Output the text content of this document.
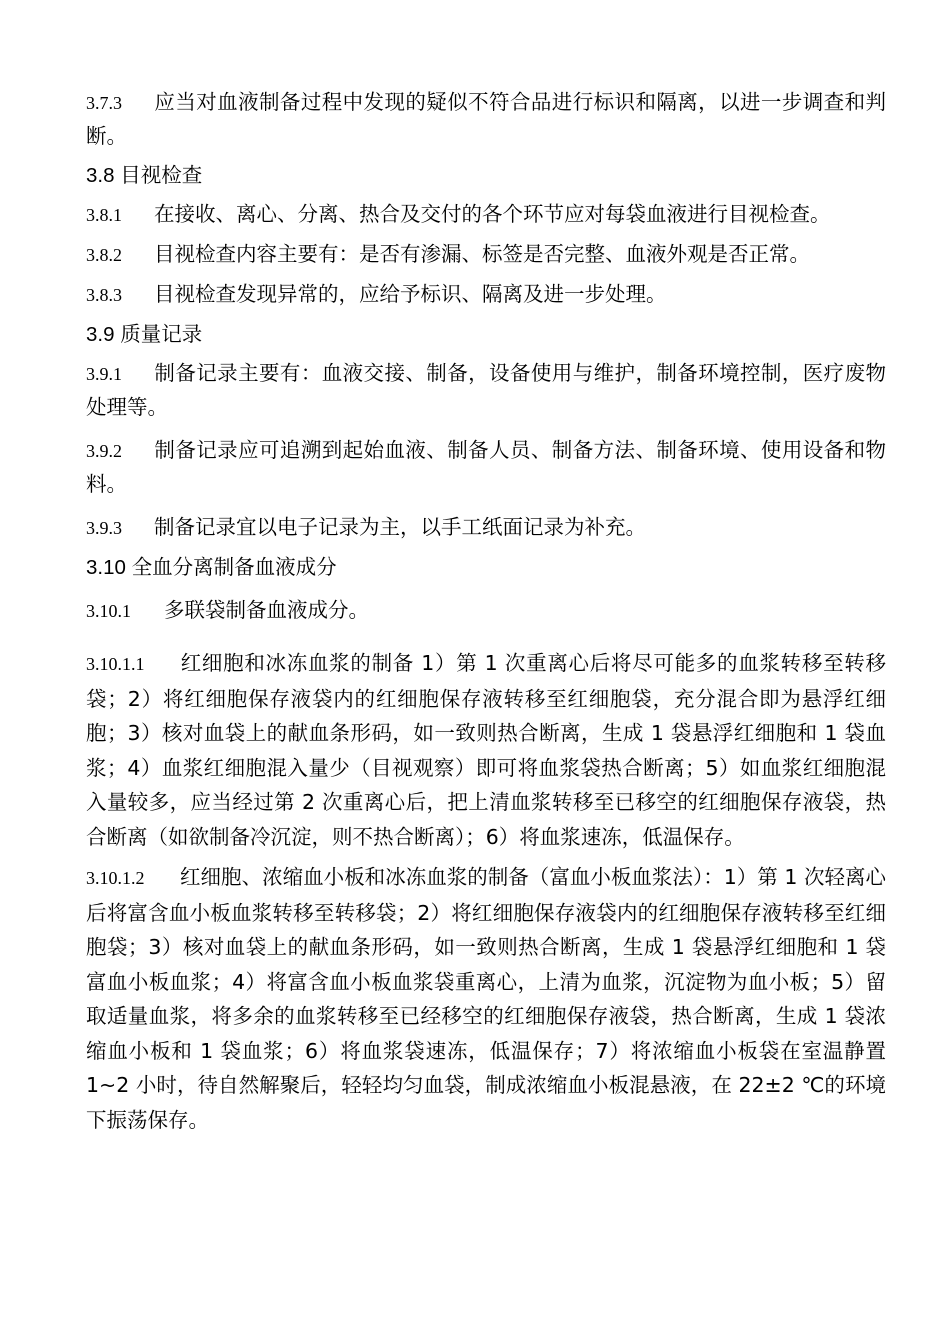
3.7.3 应当对血液制备过程中发现的疑似不符合品进行标识和隔离，以进一步调查和判断。

3.8 目视检查

3.8.1 在接收、离心、分离、热合及交付的各个环节应对每袋血液进行目视检查。

3.8.2 目视检查内容主要有：是否有渗漏、标签是否完整、血液外观是否正常。

3.8.3 目视检查发现异常的，应给予标识、隔离及进一步处理。

3.9 质量记录

3.9.1 制备记录主要有：血液交接、制备，设备使用与维护，制备环境控制，医疗废物处理等。

3.9.2 制备记录应可追溯到起始血液、制备人员、制备方法、制备环境、使用设备和物料。

3.9.3 制备记录宜以电子记录为主，以手工纸面记录为补充。

3.10 全血分离制备血液成分

3.10.1 多联袋制备血液成分。

3.10.1.1 红细胞和冰冻血浆的制备 1）第 1 次重离心后将尽可能多的血浆转移至转移袋；2）将红细胞保存液袋内的红细胞保存液转移至红细胞袋，充分混合即为悬浮红细胞；3）核对血袋上的献血条形码，如一致则热合断离，生成 1 袋悬浮红细胞和 1 袋血浆；4）血浆红细胞混入量少（目视观察）即可将血浆袋热合断离；5）如血浆红细胞混入量较多，应当经过第 2 次重离心后，把上清血浆转移至已移空的红细胞保存液袋，热合断离（如欲制备冷沉淀，则不热合断离）；6）将血浆速冻，低温保存。

3.10.1.2 红细胞、浓缩血小板和冰冻血浆的制备（富血小板血浆法）：1）第 1 次轻离心后将富含血小板血浆转移至转移袋；2）将红细胞保存液袋内的红细胞保存液转移至红细胞袋；3）核对血袋上的献血条形码，如一致则热合断离，生成 1 袋悬浮红细胞和 1 袋富血小板血浆；4）将富含血小板血浆袋重离心，上清为血浆，沉淀物为血小板；5）留取适量血浆，将多余的血浆转移至已经移空的红细胞保存液袋，热合断离，生成 1 袋浓缩血小板和 1 袋血浆；6）将血浆袋速冻，低温保存；7）将浓缩血小板袋在室温静置 1~2 小时，待自然解聚后，轻轻均匀血袋，制成浓缩血小板混悬液，在 22±2 ℃的环境下振荡保存。
